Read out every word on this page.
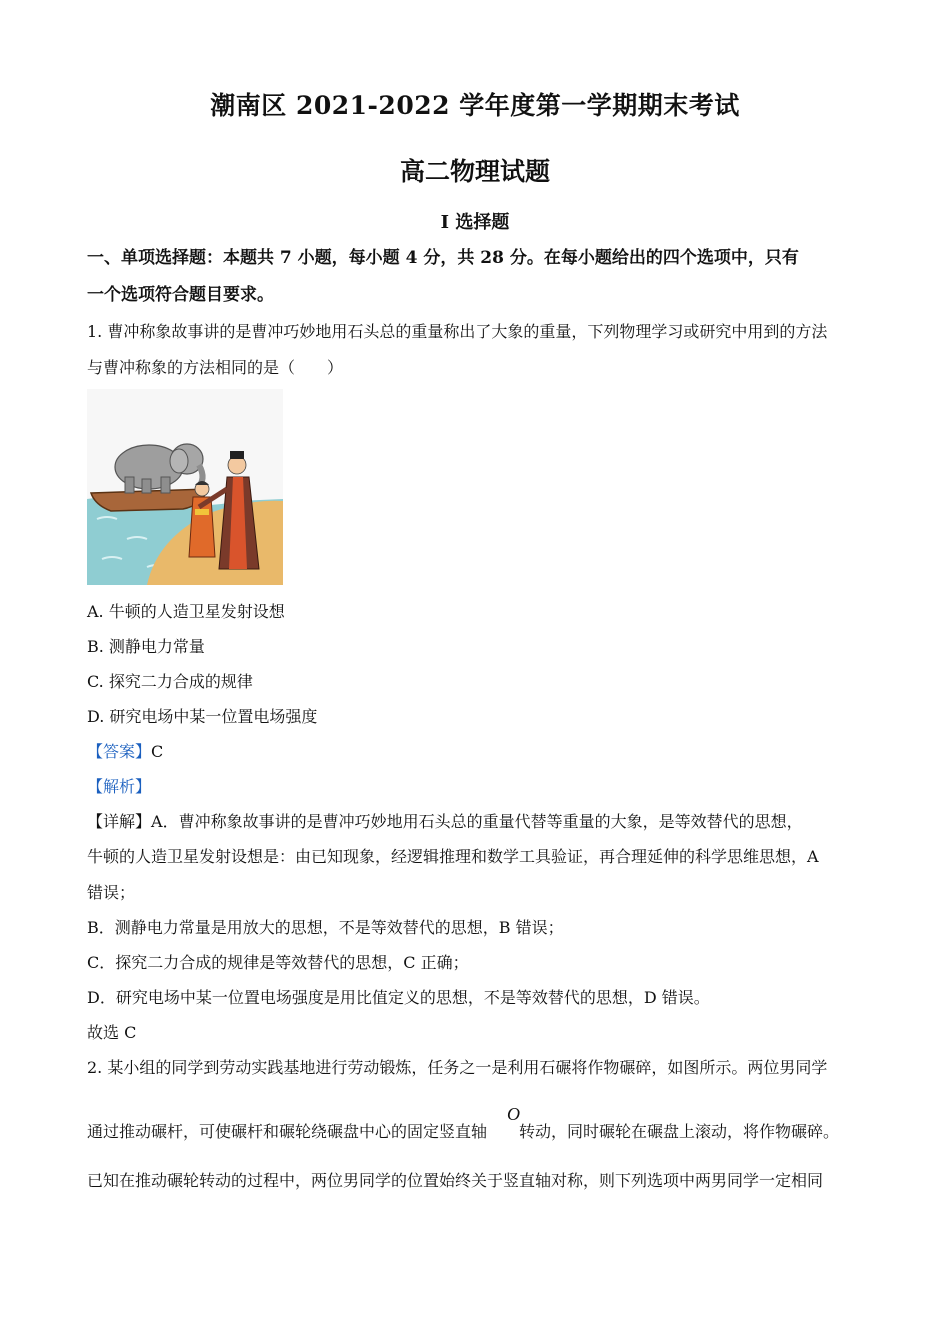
潮南区 2021-2022 学年度第一学期期末考试
高二物理试题
I 选择题
一、单项选择题：本题共 7 小题，每小题 4 分，共 28 分。在每小题给出的四个选项中，只有
一个选项符合题目要求。
1. 曹冲称象故事讲的是曹冲巧妙地用石头总的重量称出了大象的重量，下列物理学习或研究中用到的方法
与曹冲称象的方法相同的是（　　）
A. 牛顿的人造卫星发射设想
B. 测静电力常量
C. 探究二力合成的规律
D. 研究电场中某一位置电场强度
【答案】C
【解析】
【详解】A．曹冲称象故事讲的是曹冲巧妙地用石头总的重量代替等重量的大象，是等效替代的思想，
牛顿的人造卫星发射设想是：由已知现象，经逻辑推理和数学工具验证，再合理延伸的科学思维思想，A
错误；
B．测静电力常量是用放大的思想，不是等效替代的思想，B 错误；
C．探究二力合成的规律是等效替代的思想，C 正确；
D．研究电场中某一位置电场强度是用比值定义的思想，不是等效替代的思想，D 错误。
故选 C
2. 某小组的同学到劳动实践基地进行劳动锻炼，任务之一是利用石碾将作物碾碎，如图所示。两位男同学
O
通过推动碾杆，可使碾杆和碾轮绕碾盘中心的固定竖直轴　　转动，同时碾轮在碾盘上滚动，将作物碾碎。
已知在推动碾轮转动的过程中，两位男同学的位置始终关于竖直轴对称，则下列选项中两男同学一定相同
